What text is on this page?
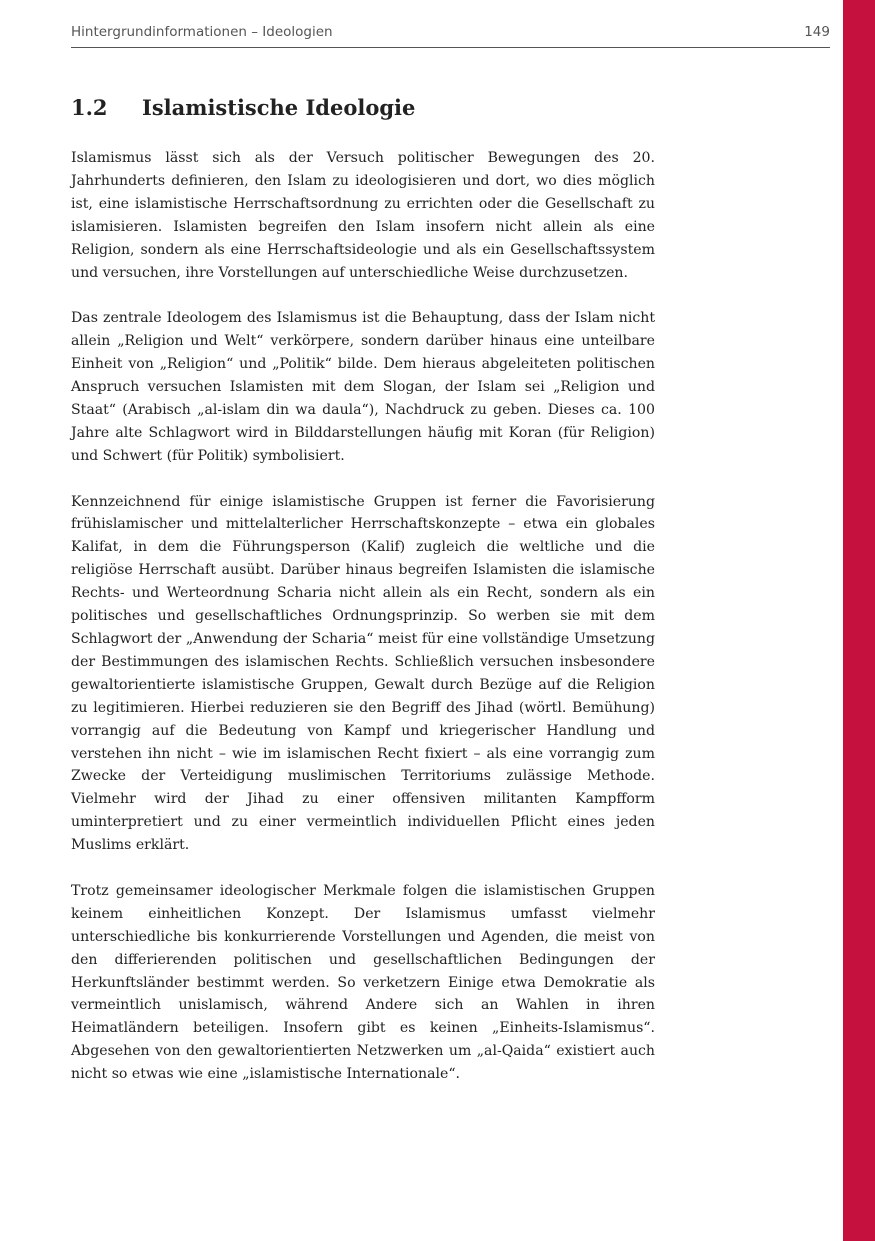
Hintergrundinformationen – Ideologien	149
1.2 Islamistische Ideologie

Islamismus lässt sich als der Versuch politischer Bewegungen des 20. Jahrhunderts definieren, den Islam zu ideologisieren und dort, wo dies möglich ist, eine islamistische Herrschaftsordnung zu errichten oder die Gesellschaft zu islamisieren. Islamisten begreifen den Islam insofern nicht allein als eine Religion, sondern als eine Herrschaftsideologie und als ein Gesellschaftssystem und versuchen, ihre Vorstellungen auf unterschiedliche Weise durchzusetzen.

Das zentrale Ideologem des Islamismus ist die Behauptung, dass der Islam nicht allein „Religion und Welt“ verkörpere, sondern darüber hinaus eine unteilbare Einheit von „Religion“ und „Politik“ bilde. Dem hieraus abgeleiteten politischen Anspruch versuchen Islamisten mit dem Slogan, der Islam sei „Religion und Staat“ (Arabisch „al-islam din wa daula“), Nachdruck zu geben. Dieses ca. 100 Jahre alte Schlagwort wird in Bilddarstellungen häufig mit Koran (für Religion) und Schwert (für Politik) symbolisiert.

Kennzeichnend für einige islamistische Gruppen ist ferner die Favorisierung frühislamischer und mittelalterlicher Herrschaftskonzepte – etwa ein globales Kalifat, in dem die Führungsperson (Kalif) zugleich die weltliche und die religiöse Herrschaft ausübt. Darüber hinaus begreifen Islamisten die islamische Rechts- und Werteordnung Scharia nicht allein als ein Recht, sondern als ein politisches und gesellschaftliches Ordnungsprinzip. So werben sie mit dem Schlagwort der „Anwendung der Scharia“ meist für eine vollständige Umsetzung der Bestimmungen des islamischen Rechts. Schließlich versuchen insbesondere gewaltorientierte islamistische Gruppen, Gewalt durch Bezüge auf die Religion zu legitimieren. Hierbei reduzieren sie den Begriff des Jihad (wörtl. Bemühung) vorrangig auf die Bedeutung von Kampf und kriegerischer Handlung und verstehen ihn nicht – wie im islamischen Recht fixiert – als eine vorrangig zum Zwecke der Verteidigung muslimischen Territoriums zulässige Methode. Vielmehr wird der Jihad zu einer offensiven militanten Kampfform uminterpretiert und zu einer vermeintlich individuellen Pflicht eines jeden Muslims erklärt.

Trotz gemeinsamer ideologischer Merkmale folgen die islamistischen Gruppen keinem einheitlichen Konzept. Der Islamismus umfasst vielmehr unterschiedliche bis konkurrierende Vorstellungen und Agenden, die meist von den differierenden politischen und gesellschaftlichen Bedingungen der Herkunftsländer bestimmt werden. So verketzern Einige etwa Demokratie als vermeintlich unislamisch, während Andere sich an Wahlen in ihren Heimatländern beteiligen. Insofern gibt es keinen „Einheits-Islamismus“. Abgesehen von den gewaltorientierten Netzwerken um „al-Qaida“ existiert auch nicht so etwas wie eine „islamistische Internationale“.
